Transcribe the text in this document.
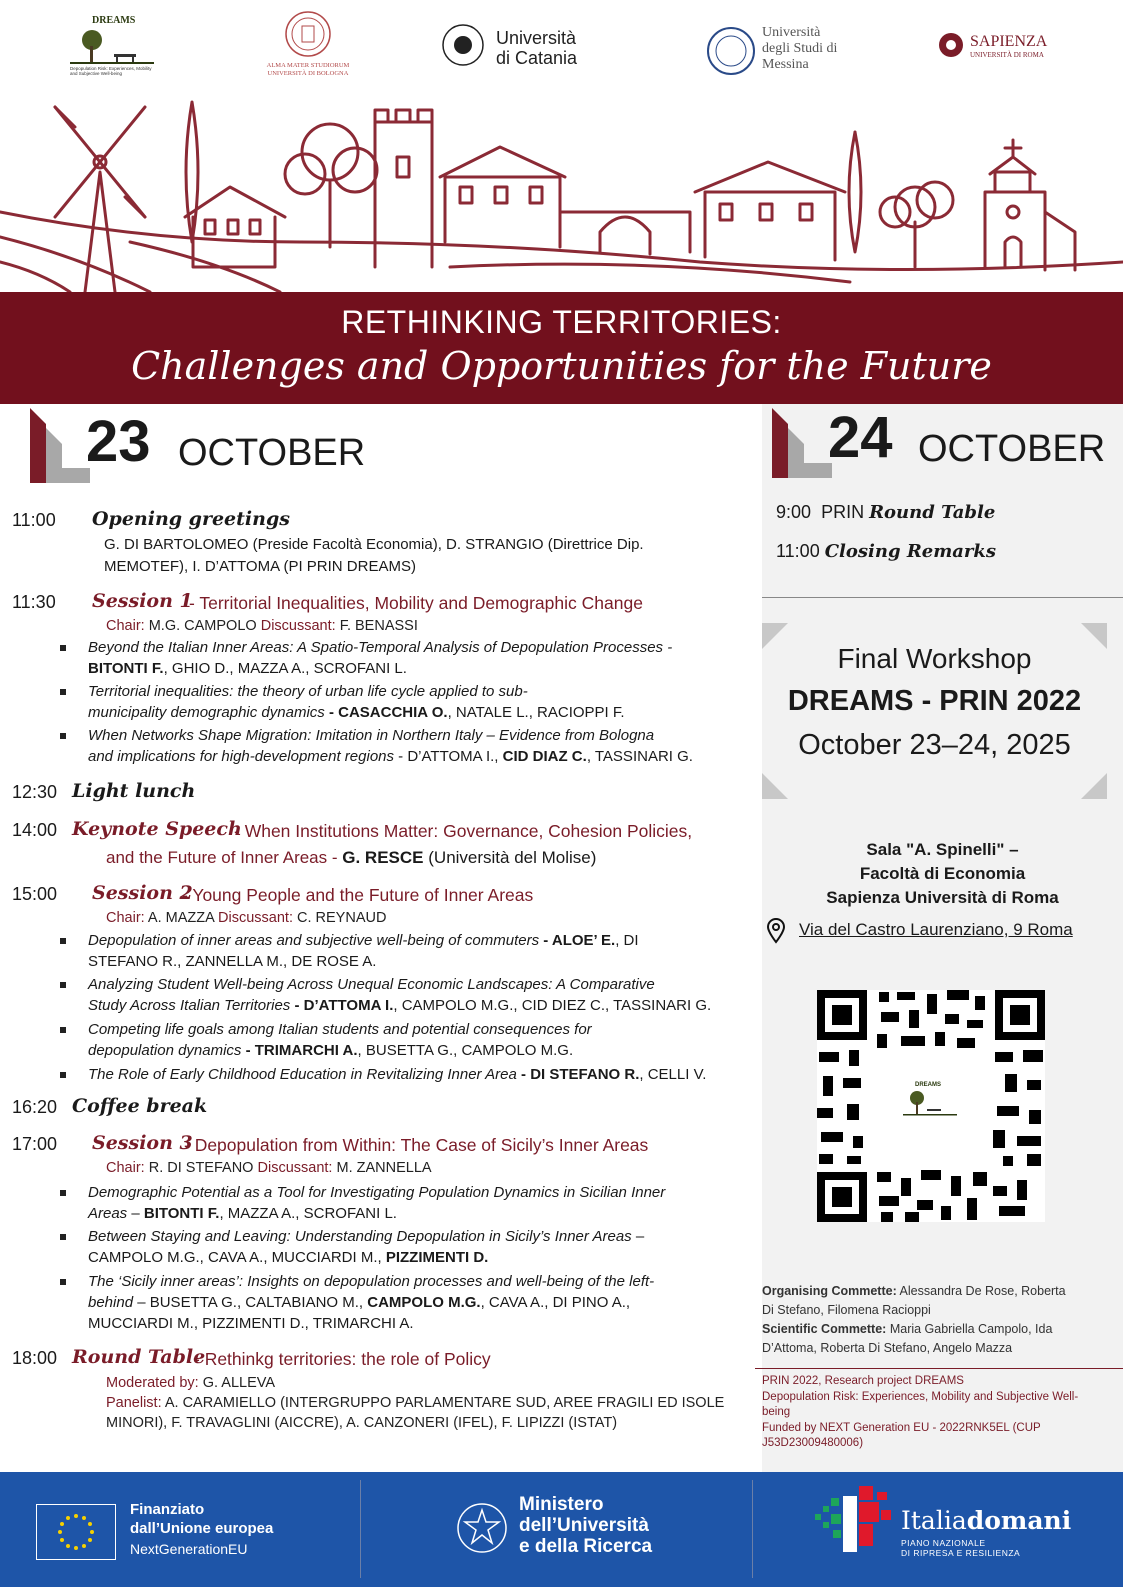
DREAMS
Depopulation Risk: Experiences, Mobility and Subjective Well-being
ALMA MATER STUDIORUM
UNIVERSITÀ DI BOLOGNA
Università
di Catania
Università
degli Studi di
Messina
SAPIENZA
UNIVERSITÀ DI ROMA
RETHINKING TERRITORIES:
Challenges and Opportunities for the Future
23 OCTOBER
11:00 Opening greetings
G. DI BARTOLOMEO (Preside Facoltà Economia), D. STRANGIO (Direttrice Dip.
MEMOTEF), I. D’ATTOMA (PI PRIN DREAMS)
11:30 Session 1
- Territorial Inequalities, Mobility and Demographic Change
Chair: M.G. CAMPOLO Discussant: F. BENASSI
Beyond the Italian Inner Areas: A Spatio-Temporal Analysis of Depopulation Processes -
BITONTI F., GHIO D., MAZZA A., SCROFANI L.
Territorial inequalities: the theory of urban life cycle applied to sub-
municipality demographic dynamics - CASACCHIA O., NATALE L., RACIOPPI F.
When Networks Shape Migration: Imitation in Northern Italy – Evidence from Bologna
and implications for high-development regions - D’ATTOMA I., CID DIAZ C., TASSINARI G.
12:30 Light lunch
14:00 Keynote Speech
- When Institutions Matter: Governance, Cohesion Policies,
and the Future of Inner Areas - G. RESCE (Università del Molise)
15:00 Session 2
- Young People and the Future of Inner Areas
Chair: A. MAZZA Discussant: C. REYNAUD
Depopulation of inner areas and subjective well-being of commuters - ALOE’ E., DI
STEFANO R., ZANNELLA M., DE ROSE A.
Analyzing Student Well-being Across Unequal Economic Landscapes: A Comparative
Study Across Italian Territories - D’ATTOMA I., CAMPOLO M.G., CID DIEZ C., TASSINARI G.
Competing life goals among Italian students and potential consequences for
depopulation dynamics - TRIMARCHI A., BUSETTA G., CAMPOLO M.G.
The Role of Early Childhood Education in Revitalizing Inner Area - DI STEFANO R., CELLI V.
16:20 Coffee break
17:00 Session 3
- Depopulation from Within: The Case of Sicily’s Inner Areas
Chair: R. DI STEFANO Discussant: M. ZANNELLA
Demographic Potential as a Tool for Investigating Population Dynamics in Sicilian Inner
Areas – BITONTI F., MAZZA A., SCROFANI L.
Between Staying and Leaving: Understanding Depopulation in Sicily’s Inner Areas –
CAMPOLO M.G., CAVA A., MUCCIARDI M., PIZZIMENTI D.
The ‘Sicily inner areas’: Insights on depopulation processes and well-being of the left-
behind – BUSETTA G., CALTABIANO M., CAMPOLO M.G., CAVA A., DI PINO A.,
MUCCIARDI M., PIZZIMENTI D., TRIMARCHI A.
18:00 Round Table
- Rethinkg territories: the role of Policy
Moderated by: G. ALLEVA
Panelist: A. CARAMIELLO (INTERGRUPPO PARLAMENTARE SUD, AREE FRAGILI ED ISOLE
MINORI), F. TRAVAGLINI (AICCRE), A. CANZONERI (IFEL), F. LIPIZZI (ISTAT)
24 OCTOBER
9:00 PRIN Round Table
11:00 Closing Remarks
Final Workshop
DREAMS - PRIN 2022
October 23–24, 2025
Sala "A. Spinelli" –
Facoltà di Economia
Sapienza Università di Roma
Via del Castro Laurenziano, 9 Roma
DREAMS
Organising Commette: Alessandra De Rose, Roberta
Di Stefano, Filomena Racioppi
Scientific Commette: Maria Gabriella Campolo, Ida
D’Attoma, Roberta Di Stefano, Angelo Mazza
PRIN 2022, Research project DREAMS
Depopulation Risk: Experiences, Mobility and Subjective Well-
being
Funded by NEXT Generation EU - 2022RNK5EL (CUP
J53D23009480006)
Finanziato
dall’Unione europea
NextGenerationEU
Ministero
dell’Università
e della Ricerca
Italiadomani
PIANO NAZIONALE
DI RIPRESA E RESILIENZA
